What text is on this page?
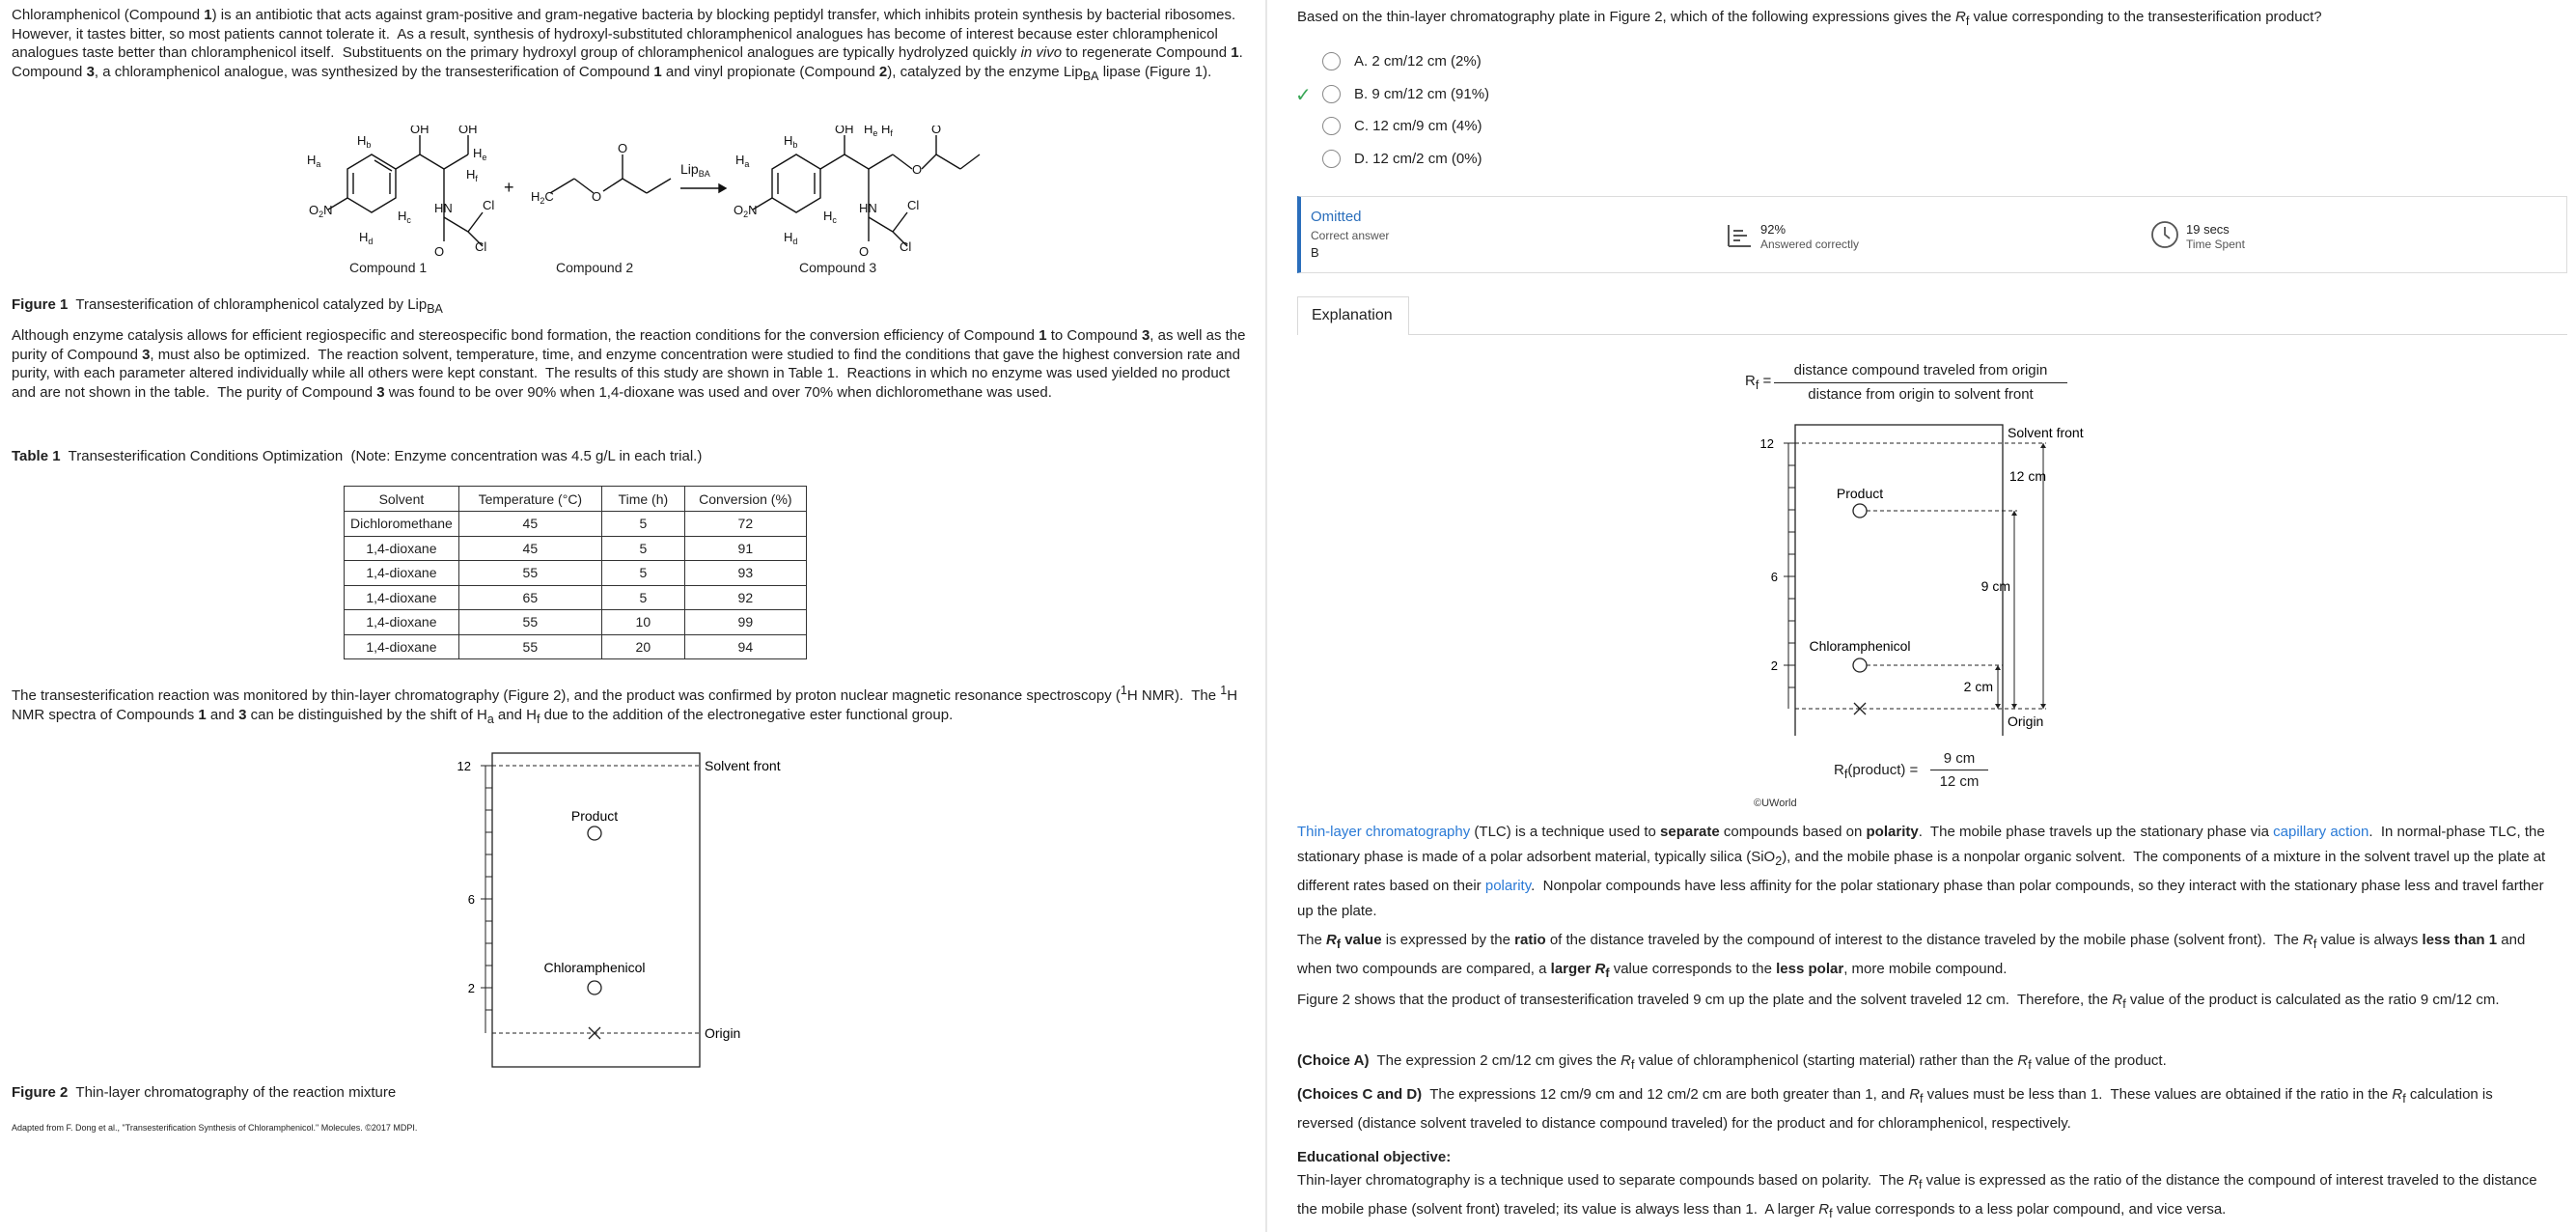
Chloramphenicol (Compound 1) is an antibiotic that acts against gram-positive and gram-negative bacteria by blocking peptidyl transfer, which inhibits protein synthesis by bacterial ribosomes.  However, it tastes bitter, so most patients cannot tolerate it.  As a result, synthesis of hydroxyl-substituted chloramphenicol analogues has become of interest because ester chloramphenicol analogues taste better than chloramphenicol itself.  Substituents on the primary hydroxyl group of chloramphenicol analogues are typically hydrolyzed quickly in vivo to regenerate Compound 1.  Compound 3, a chloramphenicol analogue, was synthesized by the transesterification of Compound 1 and vinyl propionate (Compound 2), catalyzed by the enzyme Lip$_{BA}$ lipase (Figure 1).
$O_2N$
$H_a$
$H_b$
OH OH
$H_e$
$H_f$
HN
$H_c$
Cl
Cl
O
$H_d$
+ $H_2C$	O
O
Lip$_{BA}$
$O_2N$
$H_a$
$H_b$
OH $H_e$ $H_f$
O
O
HN
$H_c$
Cl
Cl
O
$H_d$
Compound 1	Compound 2	Compound 3
Figure 1  Transesterification of chloramphenicol catalyzed by Lip$_{BA}$
Although enzyme catalysis allows for efficient regiospecific and stereospecific bond formation, the reaction conditions for the conversion efficiency of Compound 1 to Compound 3, as well as the purity of Compound 3, must also be optimized.  The reaction solvent, temperature, time, and enzyme concentration were studied to find the conditions that gave the highest conversion rate and purity, with each parameter altered individually while all others were kept constant.  The results of this study are shown in Table 1.  Reactions in which no enzyme was used yielded no product and are not shown in the table.  The purity of Compound 3 was found to be over 90% when 1,4-dioxane was used and over 70% when dichloromethane was used.
Table 1  Transesterification Conditions Optimization  (Note: Enzyme concentration was 4.5 g/L in each trial.)
Solvent	Temperature (°C)	Time (h)	Conversion (%)
Dichloromethane	45	5	72
1,4-dioxane	45	5	91
1,4-dioxane	55	5	93
1,4-dioxane	65	5	92
1,4-dioxane	55	10	99
1,4-dioxane	55	20	94
The transesterification reaction was monitored by thin-layer chromatography (Figure 2), and the product was confirmed by proton nuclear magnetic resonance spectroscopy ($^1$H NMR).  The $^1$H NMR spectra of Compounds 1 and 3 can be distinguished by the shift of $H_a$ and $H_f$ due to the addition of the electronegative ester functional group.
12
6
2
Solvent front
Origin
Product
Chloramphenicol
Figure 2  Thin-layer chromatography of the reaction mixture
Adapted from F. Dong et al., "Transesterification Synthesis of Chloramphenicol." Molecules. ©2017 MDPI.
Based on the thin-layer chromatography plate in Figure 2, which of the following expressions gives the $R_f$ value corresponding to the transesterification product?
✓
A. 2 cm/12 cm (2%)
B. 9 cm/12 cm (91%)
C. 12 cm/9 cm (4%)
D. 12 cm/2 cm (0%)
Omitted
Correct answer
B
92%
Answered correctly
19 secs
Time Spent
Explanation
$R_f$ =
distance compound traveled from origin
distance from origin to solvent front
12
6
2
Solvent front
Origin
Product
Chloramphenicol
12 cm
9 cm
2 cm
$R_f(product)$ =
9 cm
12 cm
©UWorld
Thin-layer chromatography (TLC) is a technique used to separate compounds based on polarity.  The mobile phase travels up the stationary phase via capillary action.  In normal-phase TLC, the stationary phase is made of a polar adsorbent material, typically silica (SiO$_2$), and the mobile phase is a nonpolar organic solvent.  The components of a mixture in the solvent travel up the plate at different rates based on their polarity.  Nonpolar compounds have less affinity for the polar stationary phase than polar compounds, so they interact with the stationary phase less and travel farther up the plate.
The $R_f$ value is expressed by the ratio of the distance traveled by the compound of interest to the distance traveled by the mobile phase (solvent front).  The $R_f$ value is always less than 1 and when two compounds are compared, a larger $R_f$ value corresponds to the less polar, more mobile compound.
Figure 2 shows that the product of transesterification traveled 9 cm up the plate and the solvent traveled 12 cm.  Therefore, the $R_f$ value of the product is calculated as the ratio 9 cm/12 cm.
(Choice A)  The expression 2 cm/12 cm gives the $R_f$ value of chloramphenicol (starting material) rather than the $R_f$ value of the product.
(Choices C and D)  The expressions 12 cm/9 cm and 12 cm/2 cm are both greater than 1, and $R_f$ values must be less than 1.  These values are obtained if the ratio in the $R_f$ calculation is reversed (distance solvent traveled to distance compound traveled) for the product and for chloramphenicol, respectively.
Educational objective:
Thin-layer chromatography is a technique used to separate compounds based on polarity.  The $R_f$ value is expressed as the ratio of the distance the compound of interest traveled to the distance the mobile phase (solvent front) traveled; its value is always less than 1.  A larger $R_f$ value corresponds to a less polar compound, and vice versa.
